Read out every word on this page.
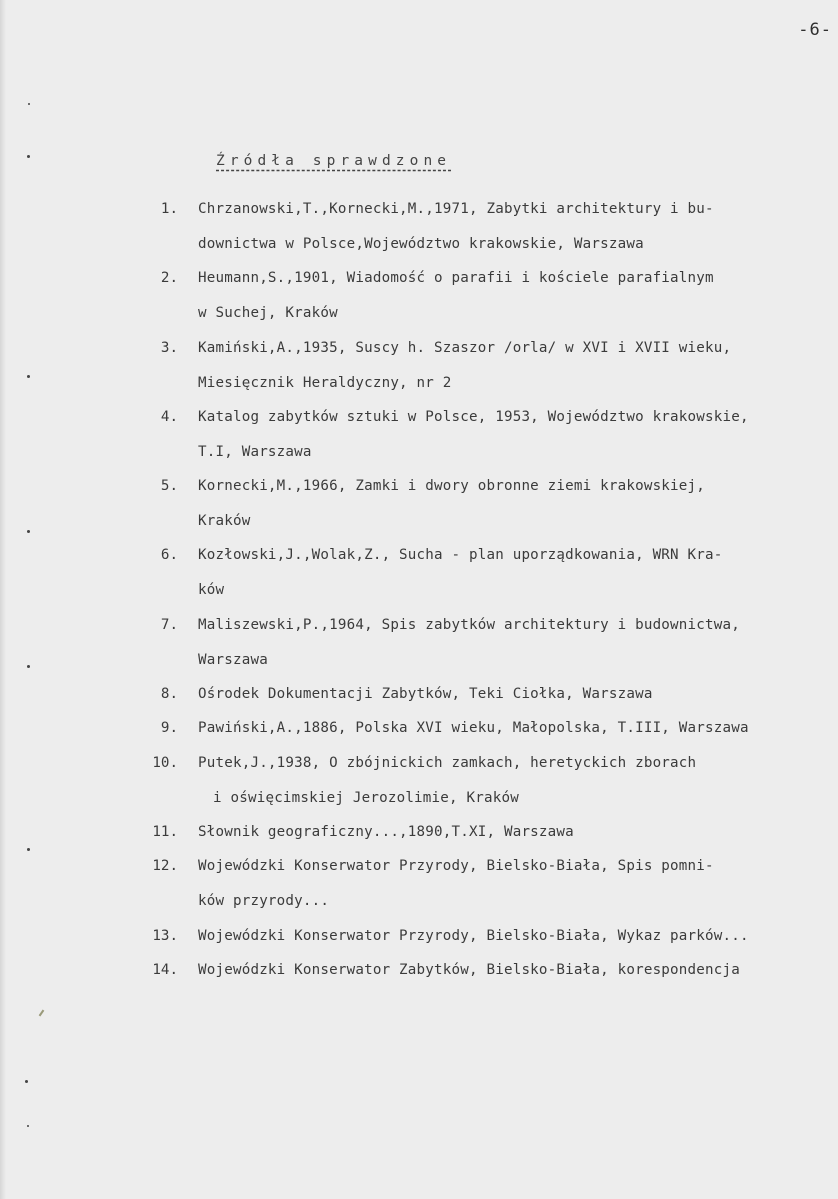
-6-
Źródła sprawdzone
1. Chrzanowski,T.,Kornecki,M.,1971, Zabytki architektury i bu-
downictwa w Polsce,Województwo krakowskie, Warszawa
2. Heumann,S.,1901, Wiadomość o parafii i kościele parafialnym
w Suchej, Kraków
3. Kamiński,A.,1935, Suscy h. Szaszor /orla/ w XVI i XVII wieku,
Miesięcznik Heraldyczny, nr 2
4. Katalog zabytków sztuki w Polsce, 1953, Województwo krakowskie,
T.I, Warszawa
5. Kornecki,M.,1966, Zamki i dwory obronne ziemi krakowskiej,
Kraków
6. Kozłowski,J.,Wolak,Z., Sucha - plan uporządkowania, WRN Kra-
ków
7. Maliszewski,P.,1964, Spis zabytków architektury i budownictwa,
Warszawa
8. Ośrodek Dokumentacji Zabytków, Teki Ciołka, Warszawa
9. Pawiński,A.,1886, Polska XVI wieku, Małopolska, T.III, Warszawa
10. Putek,J.,1938, O zbójnickich zamkach, heretyckich zborach
i oświęcimskiej Jerozolimie, Kraków
11. Słownik geograficzny...,1890,T.XI, Warszawa
12. Wojewódzki Konserwator Przyrody, Bielsko-Biała, Spis pomni-
ków przyrody...
13. Wojewódzki Konserwator Przyrody, Bielsko-Biała, Wykaz parków...
14. Wojewódzki Konserwator Zabytków, Bielsko-Biała, korespondencja
